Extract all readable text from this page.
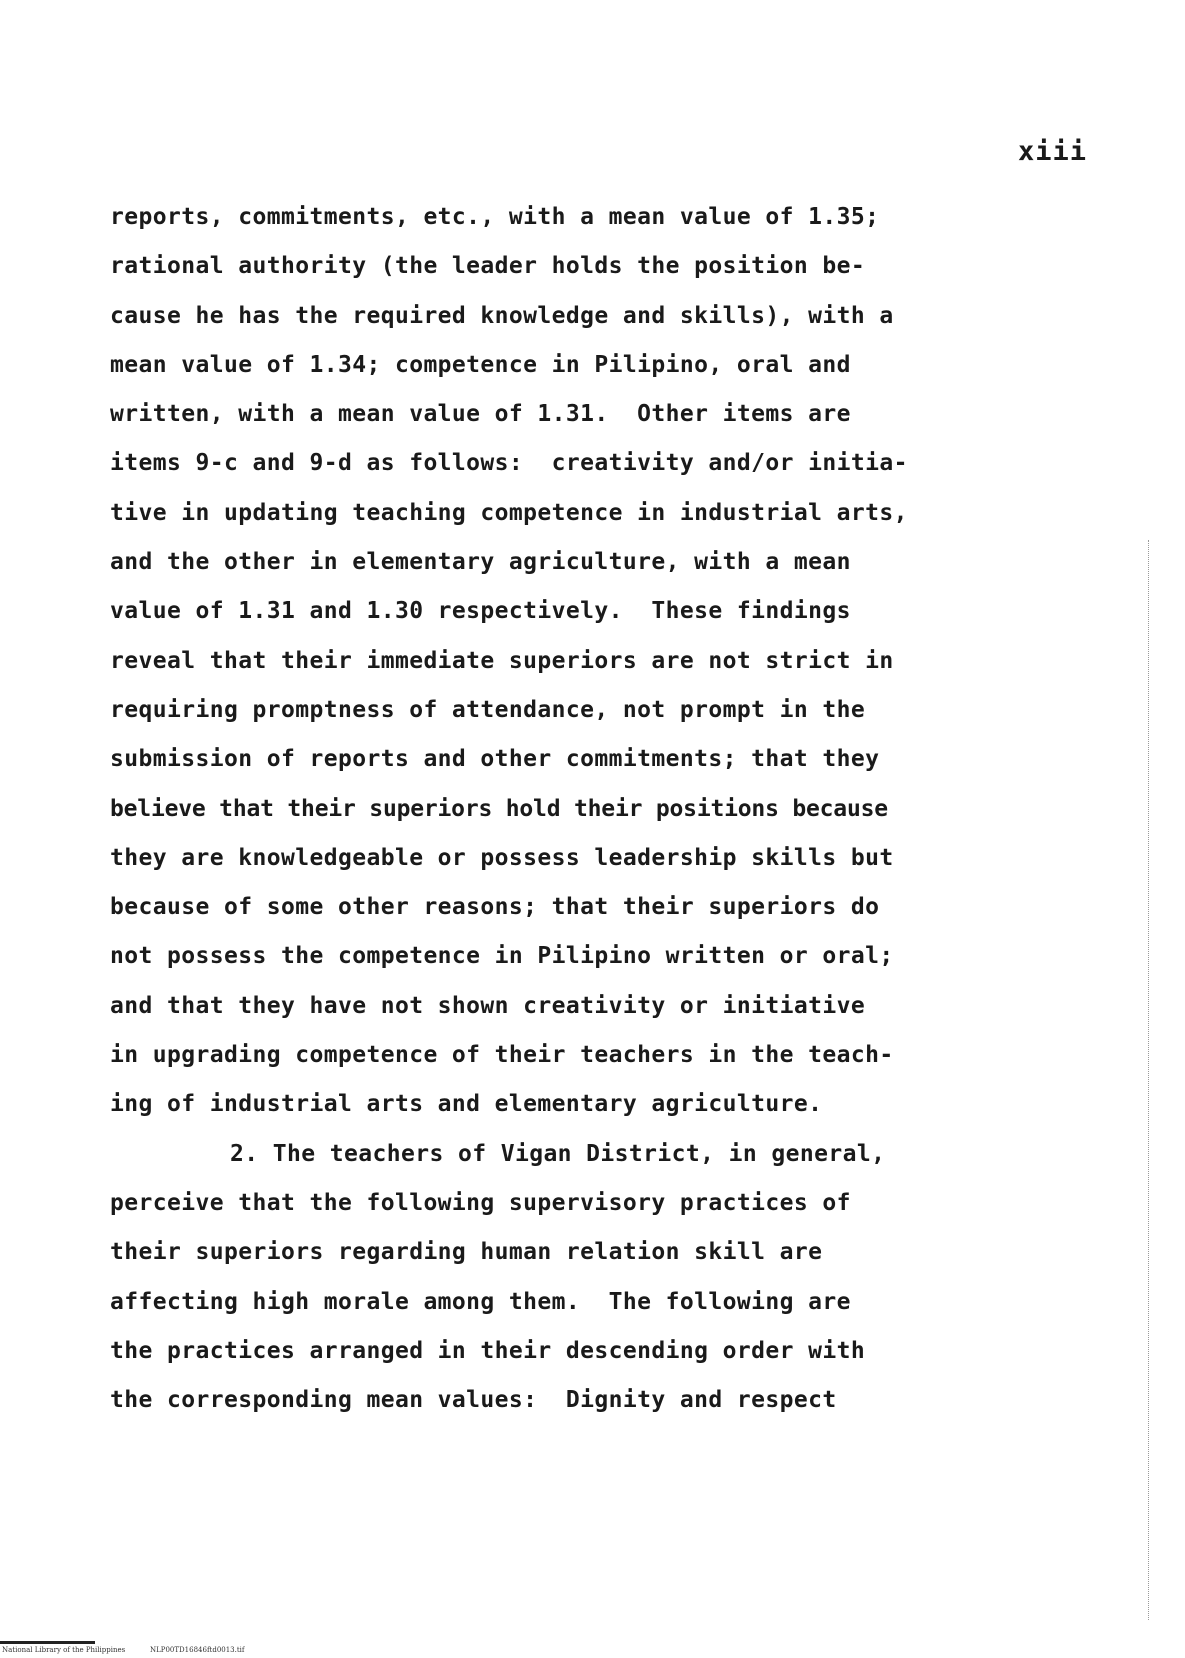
xiii
reports, commitments, etc., with a mean value of 1.35;
rational authority (the leader holds the position be-
cause he has the required knowledge and skills), with a
mean value of 1.34; competence in Pilipino, oral and
written, with a mean value of 1.31.  Other items are
items 9-c and 9-d as follows:  creativity and/or initia-
tive in updating teaching competence in industrial arts,
and the other in elementary agriculture, with a mean
value of 1.31 and 1.30 respectively.  These findings
reveal that their immediate superiors are not strict in
requiring promptness of attendance, not prompt in the
submission of reports and other commitments; that they
believe that their superiors hold their positions because
they are knowledgeable or possess leadership skills but
because of some other reasons; that their superiors do
not possess the competence in Pilipino written or oral;
and that they have not shown creativity or initiative
in upgrading competence of their teachers in the teach-
ing of industrial arts and elementary agriculture.
2. The teachers of Vigan District, in general,
perceive that the following supervisory practices of
their superiors regarding human relation skill are
affecting high morale among them.  The following are
the practices arranged in their descending order with
the corresponding mean values:  Dignity and respect
National Library of the Philippines	NLP00TD16846ftd0013.tif
